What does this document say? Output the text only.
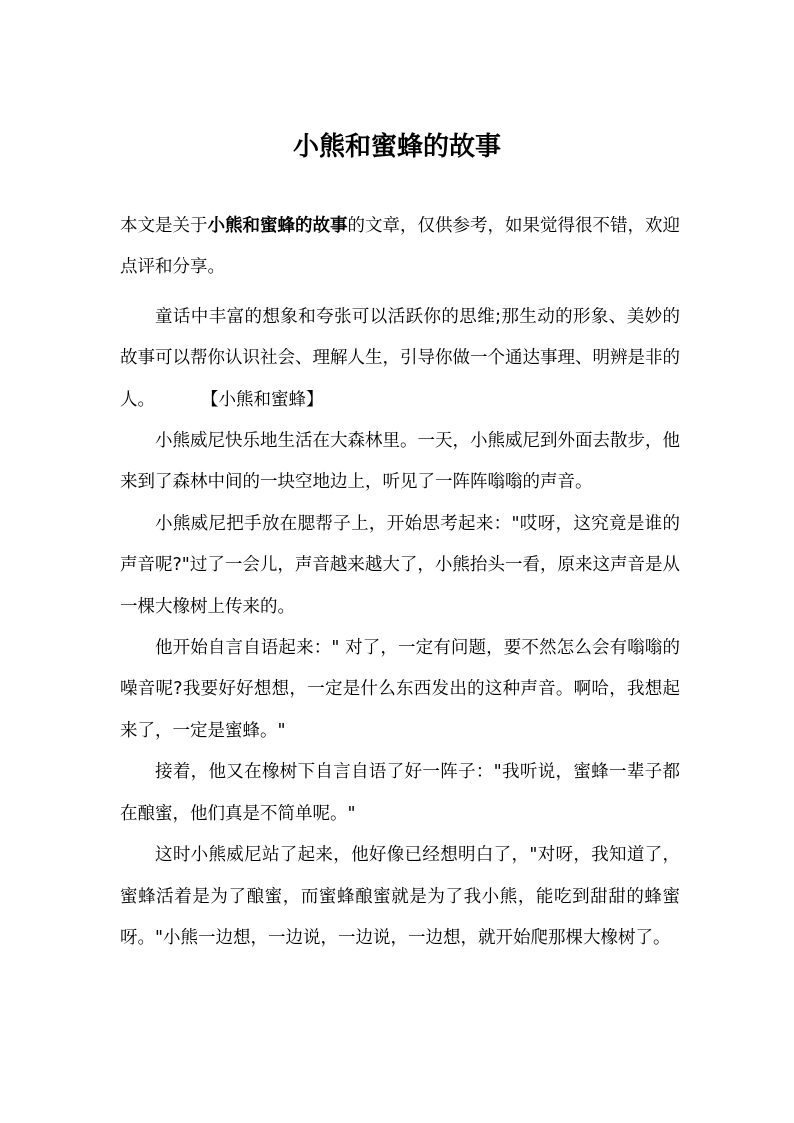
小熊和蜜蜂的故事

本文是关于小熊和蜜蜂的故事的文章，仅供参考，如果觉得很不错，欢迎点评和分享。

童话中丰富的想象和夸张可以活跃你的思维;那生动的形象、美妙的故事可以帮你认识社会、理解人生，引导你做一个通达事理、明辨是非的人。	【小熊和蜜蜂】

小熊威尼快乐地生活在大森林里。一天，小熊威尼到外面去散步，他来到了森林中间的一块空地边上，听见了一阵阵嗡嗡的声音。

小熊威尼把手放在腮帮子上，开始思考起来："哎呀，这究竟是谁的声音呢?"过了一会儿，声音越来越大了，小熊抬头一看，原来这声音是从一棵大橡树上传来的。

他开始自言自语起来：" 对了，一定有问题，要不然怎么会有嗡嗡的噪音呢?我要好好想想，一定是什么东西发出的这种声音。啊哈，我想起来了，一定是蜜蜂。"

接着，他又在橡树下自言自语了好一阵子："我听说，蜜蜂一辈子都在酿蜜，他们真是不简单呢。"

这时小熊威尼站了起来，他好像已经想明白了，"对呀，我知道了，蜜蜂活着是为了酿蜜，而蜜蜂酿蜜就是为了我小熊，能吃到甜甜的蜂蜜呀。"小熊一边想，一边说，一边说，一边想，就开始爬那棵大橡树了。
